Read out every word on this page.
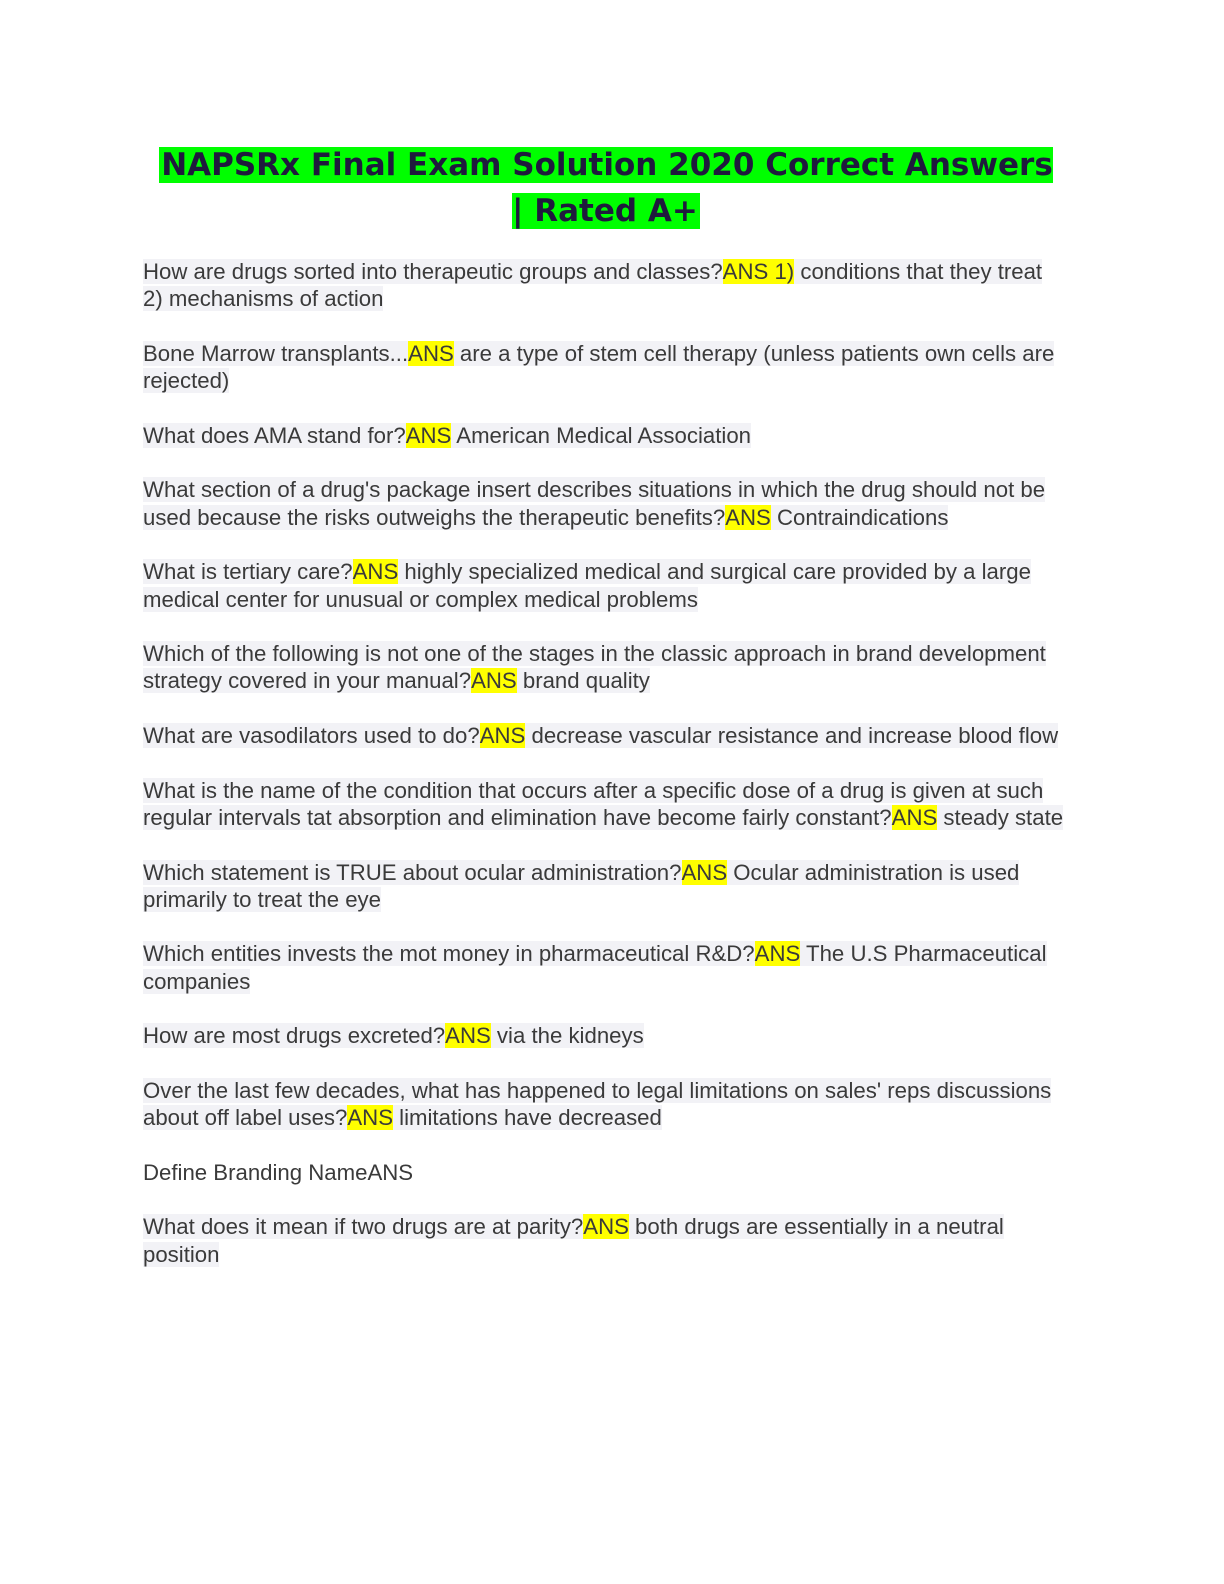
NAPSRx Final Exam Solution 2020 Correct Answers | Rated A+
How are drugs sorted into therapeutic groups and classes?ANS 1) conditions that they treat
2) mechanisms of action
Bone Marrow transplants...ANS are a type of stem cell therapy (unless patients own cells are rejected)
What does AMA stand for?ANS American Medical Association
What section of a drug's package insert describes situations in which the drug should not be used because the risks outweighs the therapeutic benefits?ANS Contraindications
What is tertiary care?ANS highly specialized medical and surgical care provided by a large medical center for unusual or complex medical problems
Which of the following is not one of the stages in the classic approach in brand development strategy covered in your manual?ANS brand quality
What are vasodilators used to do?ANS decrease vascular resistance and increase blood flow
What is the name of the condition that occurs after a specific dose of a drug is given at such regular intervals tat absorption and elimination have become fairly constant?ANS steady state
Which statement is TRUE about ocular administration?ANS Ocular administration is used primarily to treat the eye
Which entities invests the mot money in pharmaceutical R&D?ANS The U.S Pharmaceutical companies
How are most drugs excreted?ANS via the kidneys
Over the last few decades, what has happened to legal limitations on sales' reps discussions about off label uses?ANS limitations have decreased
Define Branding NameANS
What does it mean if two drugs are at parity?ANS both drugs are essentially in a neutral position
